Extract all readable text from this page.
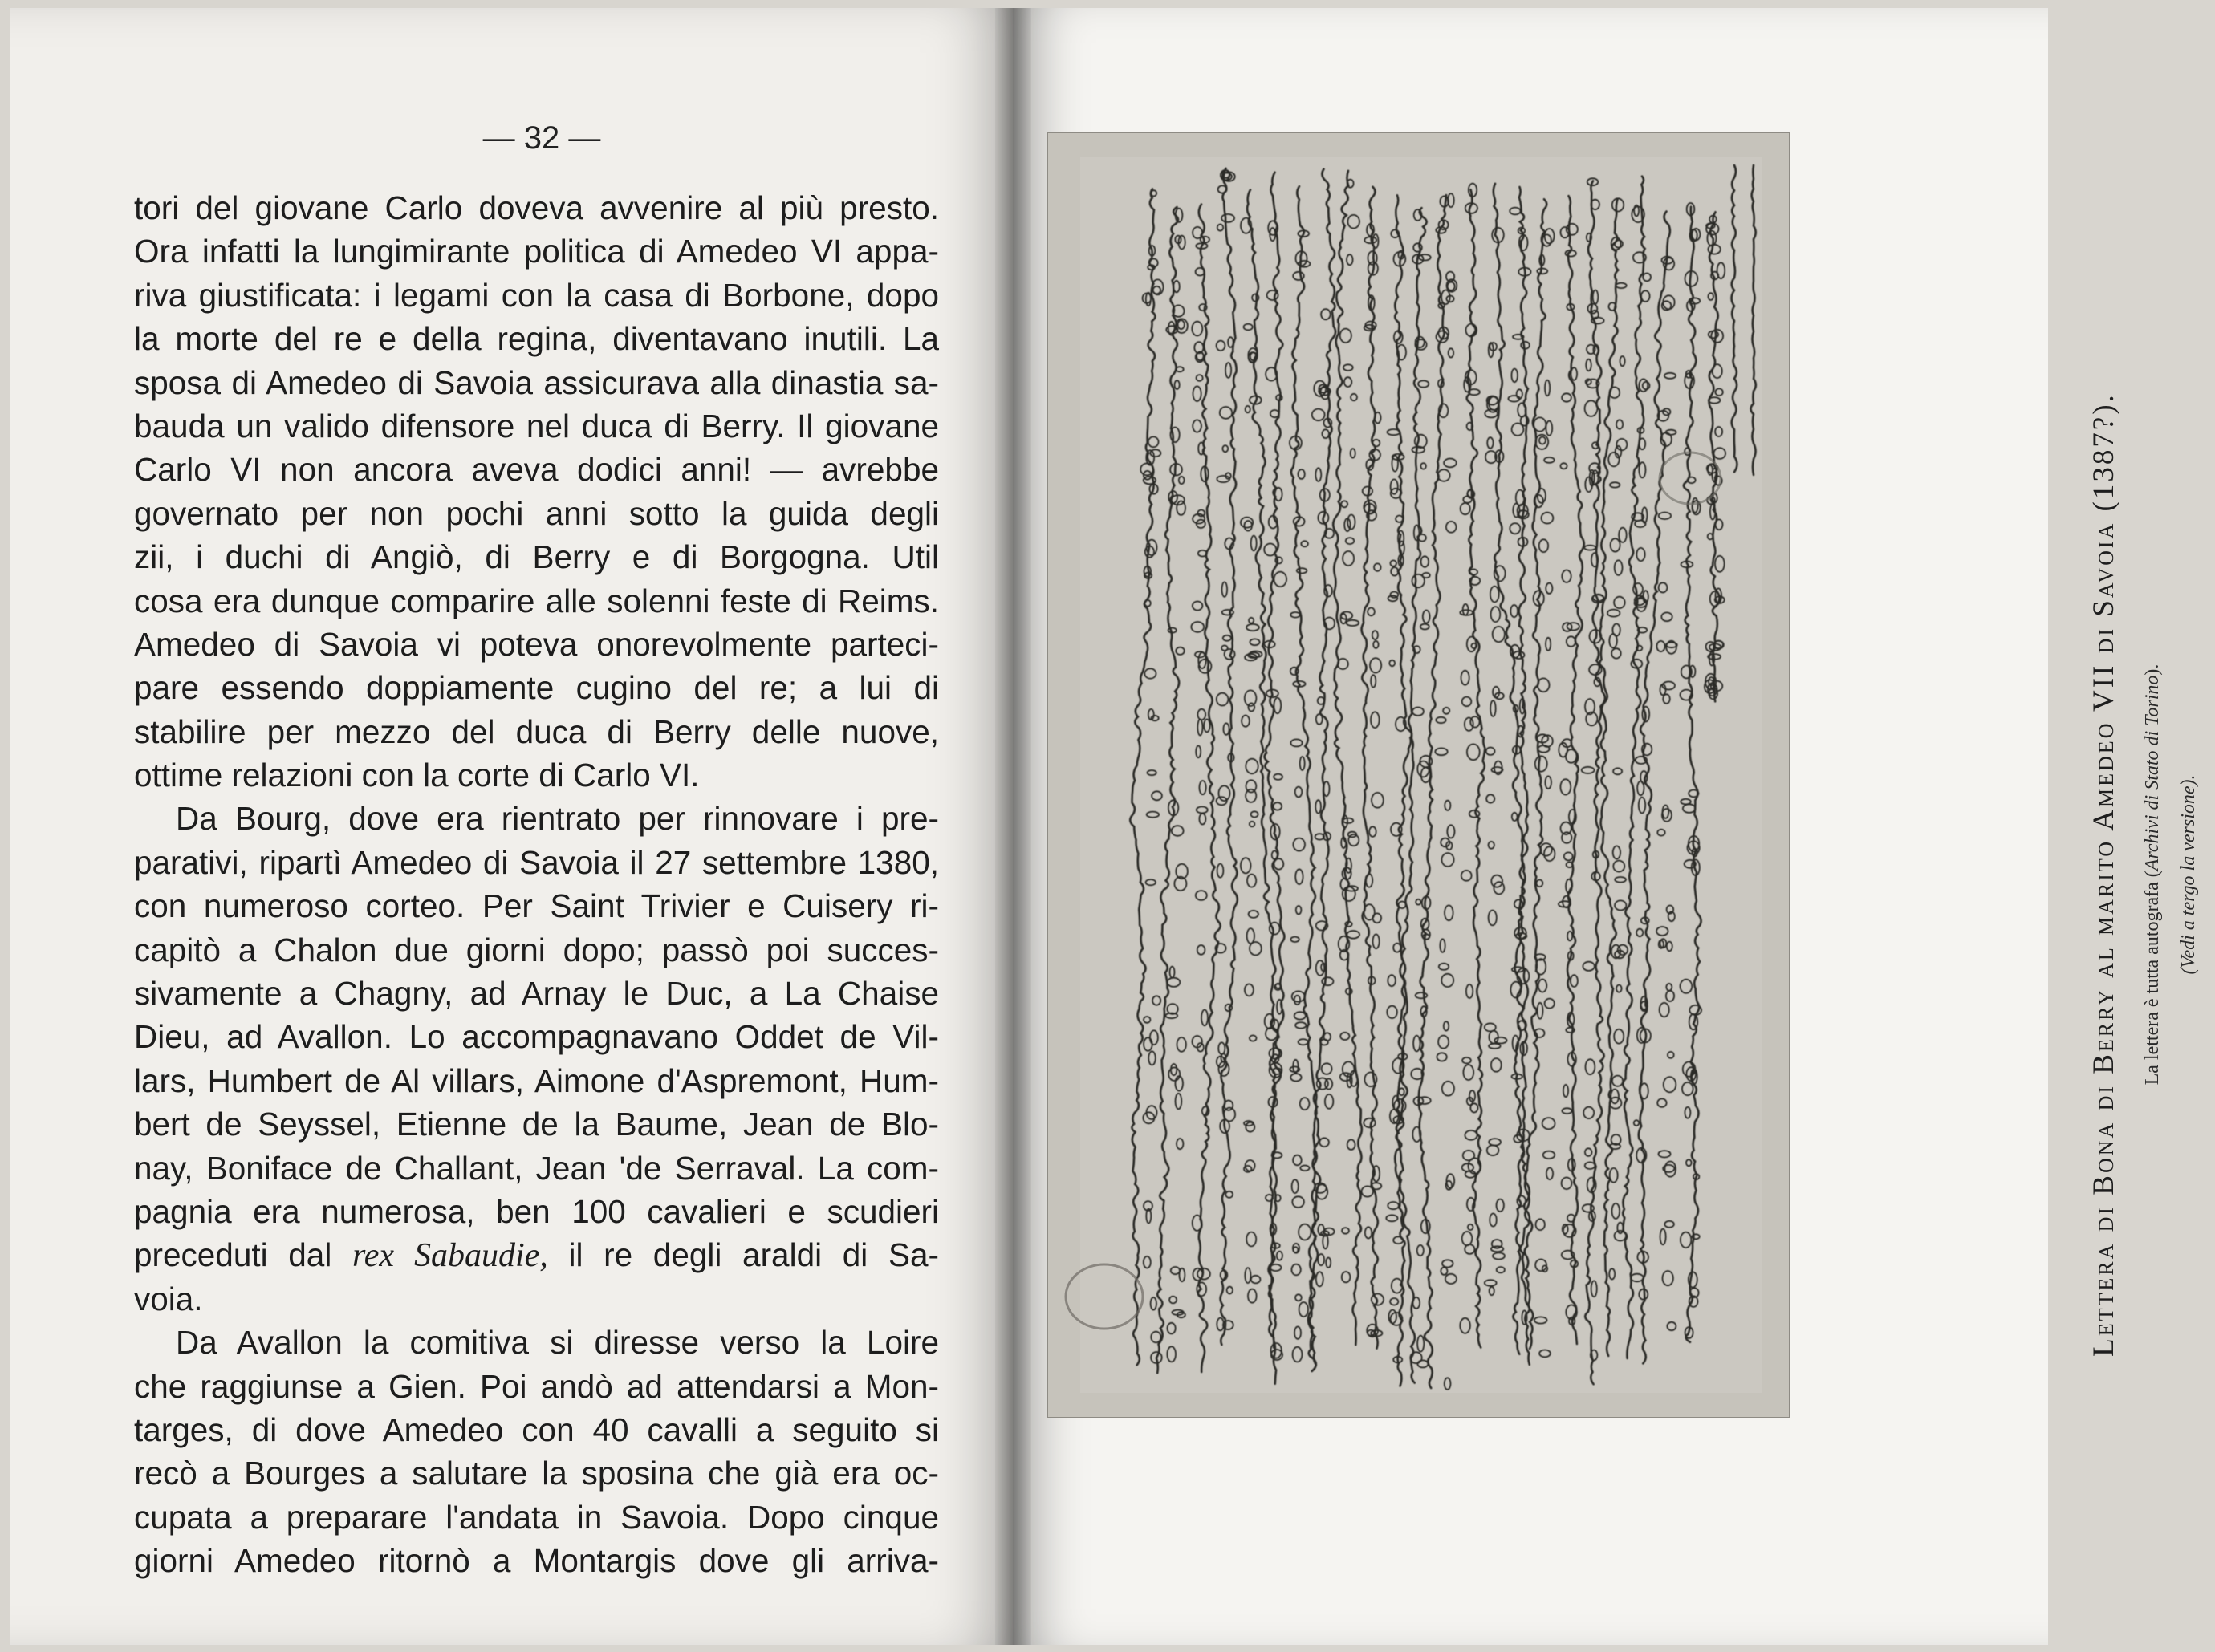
— 32 —
tori del giovane Carlo doveva avvenire al più presto.
Ora infatti la lungimirante politica di Amedeo VI appa-
riva giustificata: i legami con la casa di Borbone, dopo
la morte del re e della regina, diventavano inutili. La
sposa di Amedeo di Savoia assicurava alla dinastia sa-
bauda un valido difensore nel duca di Berry. Il giovane
Carlo VI non ancora aveva dodici anni! — avrebbe
governato per non pochi anni sotto la guida degli
zii, i duchi di Angiò, di Berry e di Borgogna. Util
cosa era dunque comparire alle solenni feste di Reims.
Amedeo di Savoia vi poteva onorevolmente parteci-
pare essendo doppiamente cugino del re; a lui di
stabilire per mezzo del duca di Berry delle nuove,
ottime relazioni con la corte di Carlo VI.
Da Bourg, dove era rientrato per rinnovare i pre-
parativi, ripartì Amedeo di Savoia il 27 settembre 1380,
con numeroso corteo. Per Saint Trivier e Cuisery ri-
capitò a Chalon due giorni dopo; passò poi succes-
sivamente a Chagny, ad Arnay le Duc, a La Chaise
Dieu, ad Avallon. Lo accompagnavano Oddet de Vil-
lars, Humbert de Al villars, Aimone d'Aspremont, Hum-
bert de Seyssel, Etienne de la Baume, Jean de Blo-
nay, Boniface de Challant, Jean 'de Serraval. La com-
pagnia era numerosa, ben 100 cavalieri e scudieri
preceduti dal rex Sabaudie, il re degli araldi di Sa-
voia.
Da Avallon la comitiva si diresse verso la Loire
che raggiunse a Gien. Poi andò ad attendarsi a Mon-
targes, di dove Amedeo con 40 cavalli a seguito si
recò a Bourges a salutare la sposina che già era oc-
cupata a preparare l'andata in Savoia. Dopo cinque
giorni Amedeo ritornò a Montargis dove gli arriva-
Lettera di Bona di Berry al marito Amedeo VII di Savoia (1387?). La lettera è tutta autografa (Archivi di Stato di Torino).
(Vedi a tergo la versione).
